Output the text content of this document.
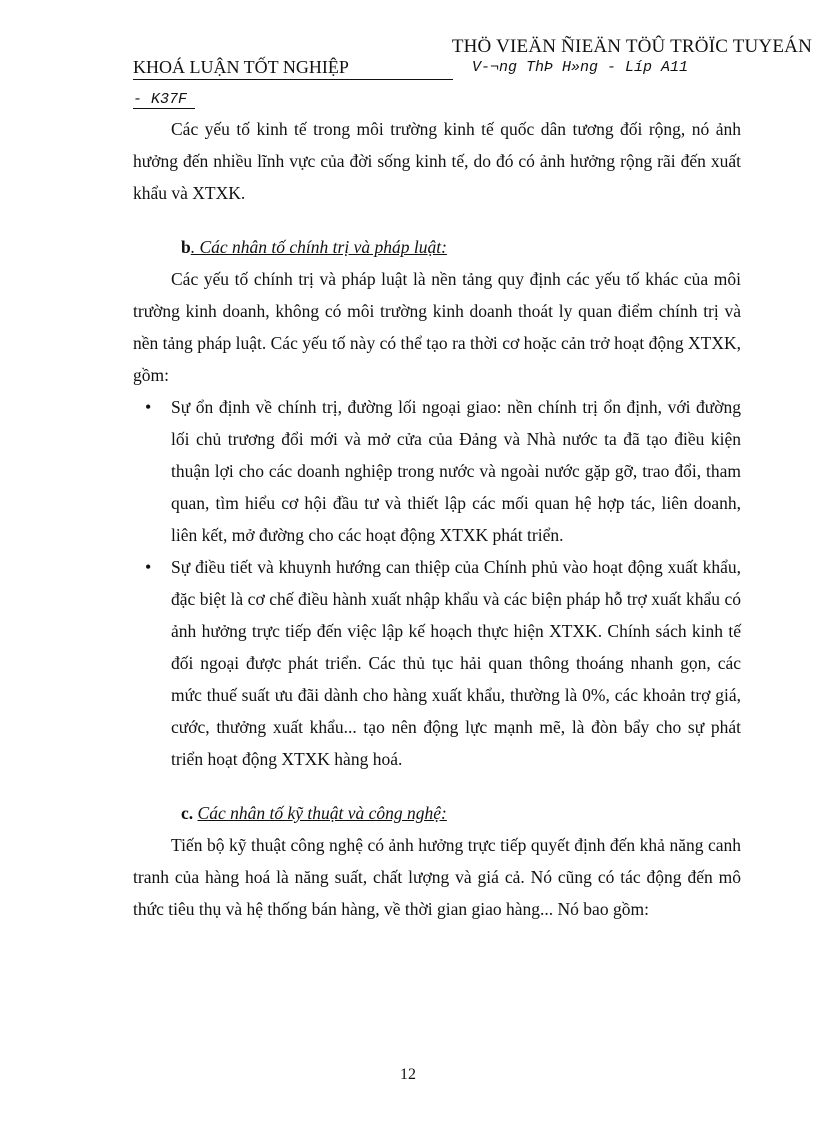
THÖ VIEÄN ÑIEÄN TÖÛ TRÖÏC TUYEÁN
KHOÁ LUẬN TỐT NGHIỆP	V-¬ng ThÞ H»ng - Líp A11
- K37F

Các yếu tố kinh tế trong môi trường kinh tế quốc dân tương đối rộng, nó ảnh hưởng đến nhiều lĩnh vực của đời sống kinh tế, do đó có ảnh hưởng rộng rãi đến xuất khẩu và XTXK.

b. Các nhân tố chính trị và pháp luật:

Các yếu tố chính trị và pháp luật là nền tảng quy định các yếu tố khác của môi trường kinh doanh, không có môi trường kinh doanh thoát ly quan điểm chính trị và nền tảng pháp luật. Các yếu tố này có thể tạo ra thời cơ hoặc cản trở hoạt động XTXK, gồm:

• Sự ổn định về chính trị, đường lối ngoại giao: nền chính trị ổn định, với đường lối chủ trương đổi mới và mở cửa của Đảng và Nhà nước ta đã tạo điều kiện thuận lợi cho các doanh nghiệp trong nước và ngoài nước gặp gỡ, trao đổi, tham quan, tìm hiểu cơ hội đầu tư và thiết lập các mối quan hệ hợp tác, liên doanh, liên kết, mở đường cho các hoạt động XTXK phát triển.
• Sự điều tiết và khuynh hướng can thiệp của Chính phủ vào hoạt động xuất khẩu, đặc biệt là cơ chế điều hành xuất nhập khẩu và các biện pháp hỗ trợ xuất khẩu có ảnh hưởng trực tiếp đến việc lập kế hoạch thực hiện XTXK. Chính sách kinh tế đối ngoại được phát triển. Các thủ tục hải quan thông thoáng nhanh gọn, các mức thuế suất ưu đãi dành cho hàng xuất khẩu, thường là 0%, các khoản trợ giá, cước, thưởng xuất khẩu... tạo nên động lực mạnh mẽ, là đòn bẩy cho sự phát triển hoạt động XTXK hàng hoá.

c. Các nhân tố kỹ thuật và công nghệ:

Tiến bộ kỹ thuật công nghệ có ảnh hưởng trực tiếp quyết định đến khả năng canh tranh của hàng hoá là năng suất, chất lượng và giá cả. Nó cũng có tác động đến mô thức tiêu thụ và hệ thống bán hàng, về thời gian giao hàng... Nó bao gồm:

12
